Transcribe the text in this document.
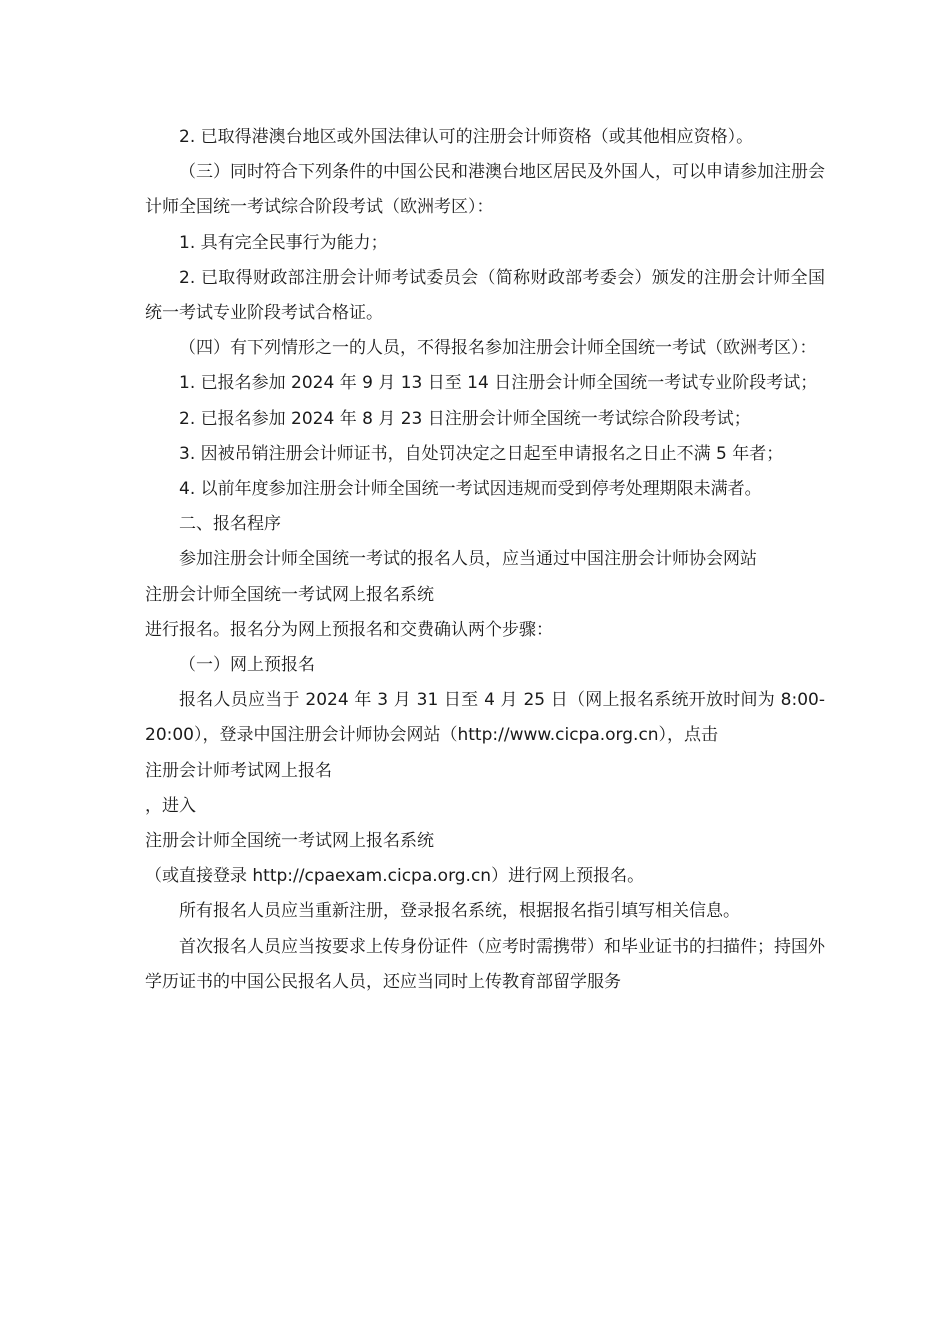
2. 已取得港澳台地区或外国法律认可的注册会计师资格（或其他相应资格）。

（三）同时符合下列条件的中国公民和港澳台地区居民及外国人，可以申请参加注册会计师全国统一考试综合阶段考试（欧洲考区）：

1. 具有完全民事行为能力；

2. 已取得财政部注册会计师考试委员会（简称财政部考委会）颁发的注册会计师全国统一考试专业阶段考试合格证。

（四）有下列情形之一的人员，不得报名参加注册会计师全国统一考试（欧洲考区）：

1. 已报名参加 2024 年 9 月 13 日至 14 日注册会计师全国统一考试专业阶段考试；

2. 已报名参加 2024 年 8 月 23 日注册会计师全国统一考试综合阶段考试；

3. 因被吊销注册会计师证书，自处罚决定之日起至申请报名之日止不满 5 年者；

4. 以前年度参加注册会计师全国统一考试因违规而受到停考处理期限未满者。

二、报名程序

参加注册会计师全国统一考试的报名人员，应当通过中国注册会计师协会网站

注册会计师全国统一考试网上报名系统

进行报名。报名分为网上预报名和交费确认两个步骤：

（一）网上预报名

报名人员应当于 2024 年 3 月 31 日至 4 月 25 日（网上报名系统开放时间为 8:00-20:00），登录中国注册会计师协会网站（http://www.cicpa.org.cn），点击

注册会计师考试网上报名

，进入

注册会计师全国统一考试网上报名系统

（或直接登录 http://cpaexam.cicpa.org.cn）进行网上预报名。

所有报名人员应当重新注册，登录报名系统，根据报名指引填写相关信息。

首次报名人员应当按要求上传身份证件（应考时需携带）和毕业证书的扫描件；持国外学历证书的中国公民报名人员，还应当同时上传教育部留学服务
